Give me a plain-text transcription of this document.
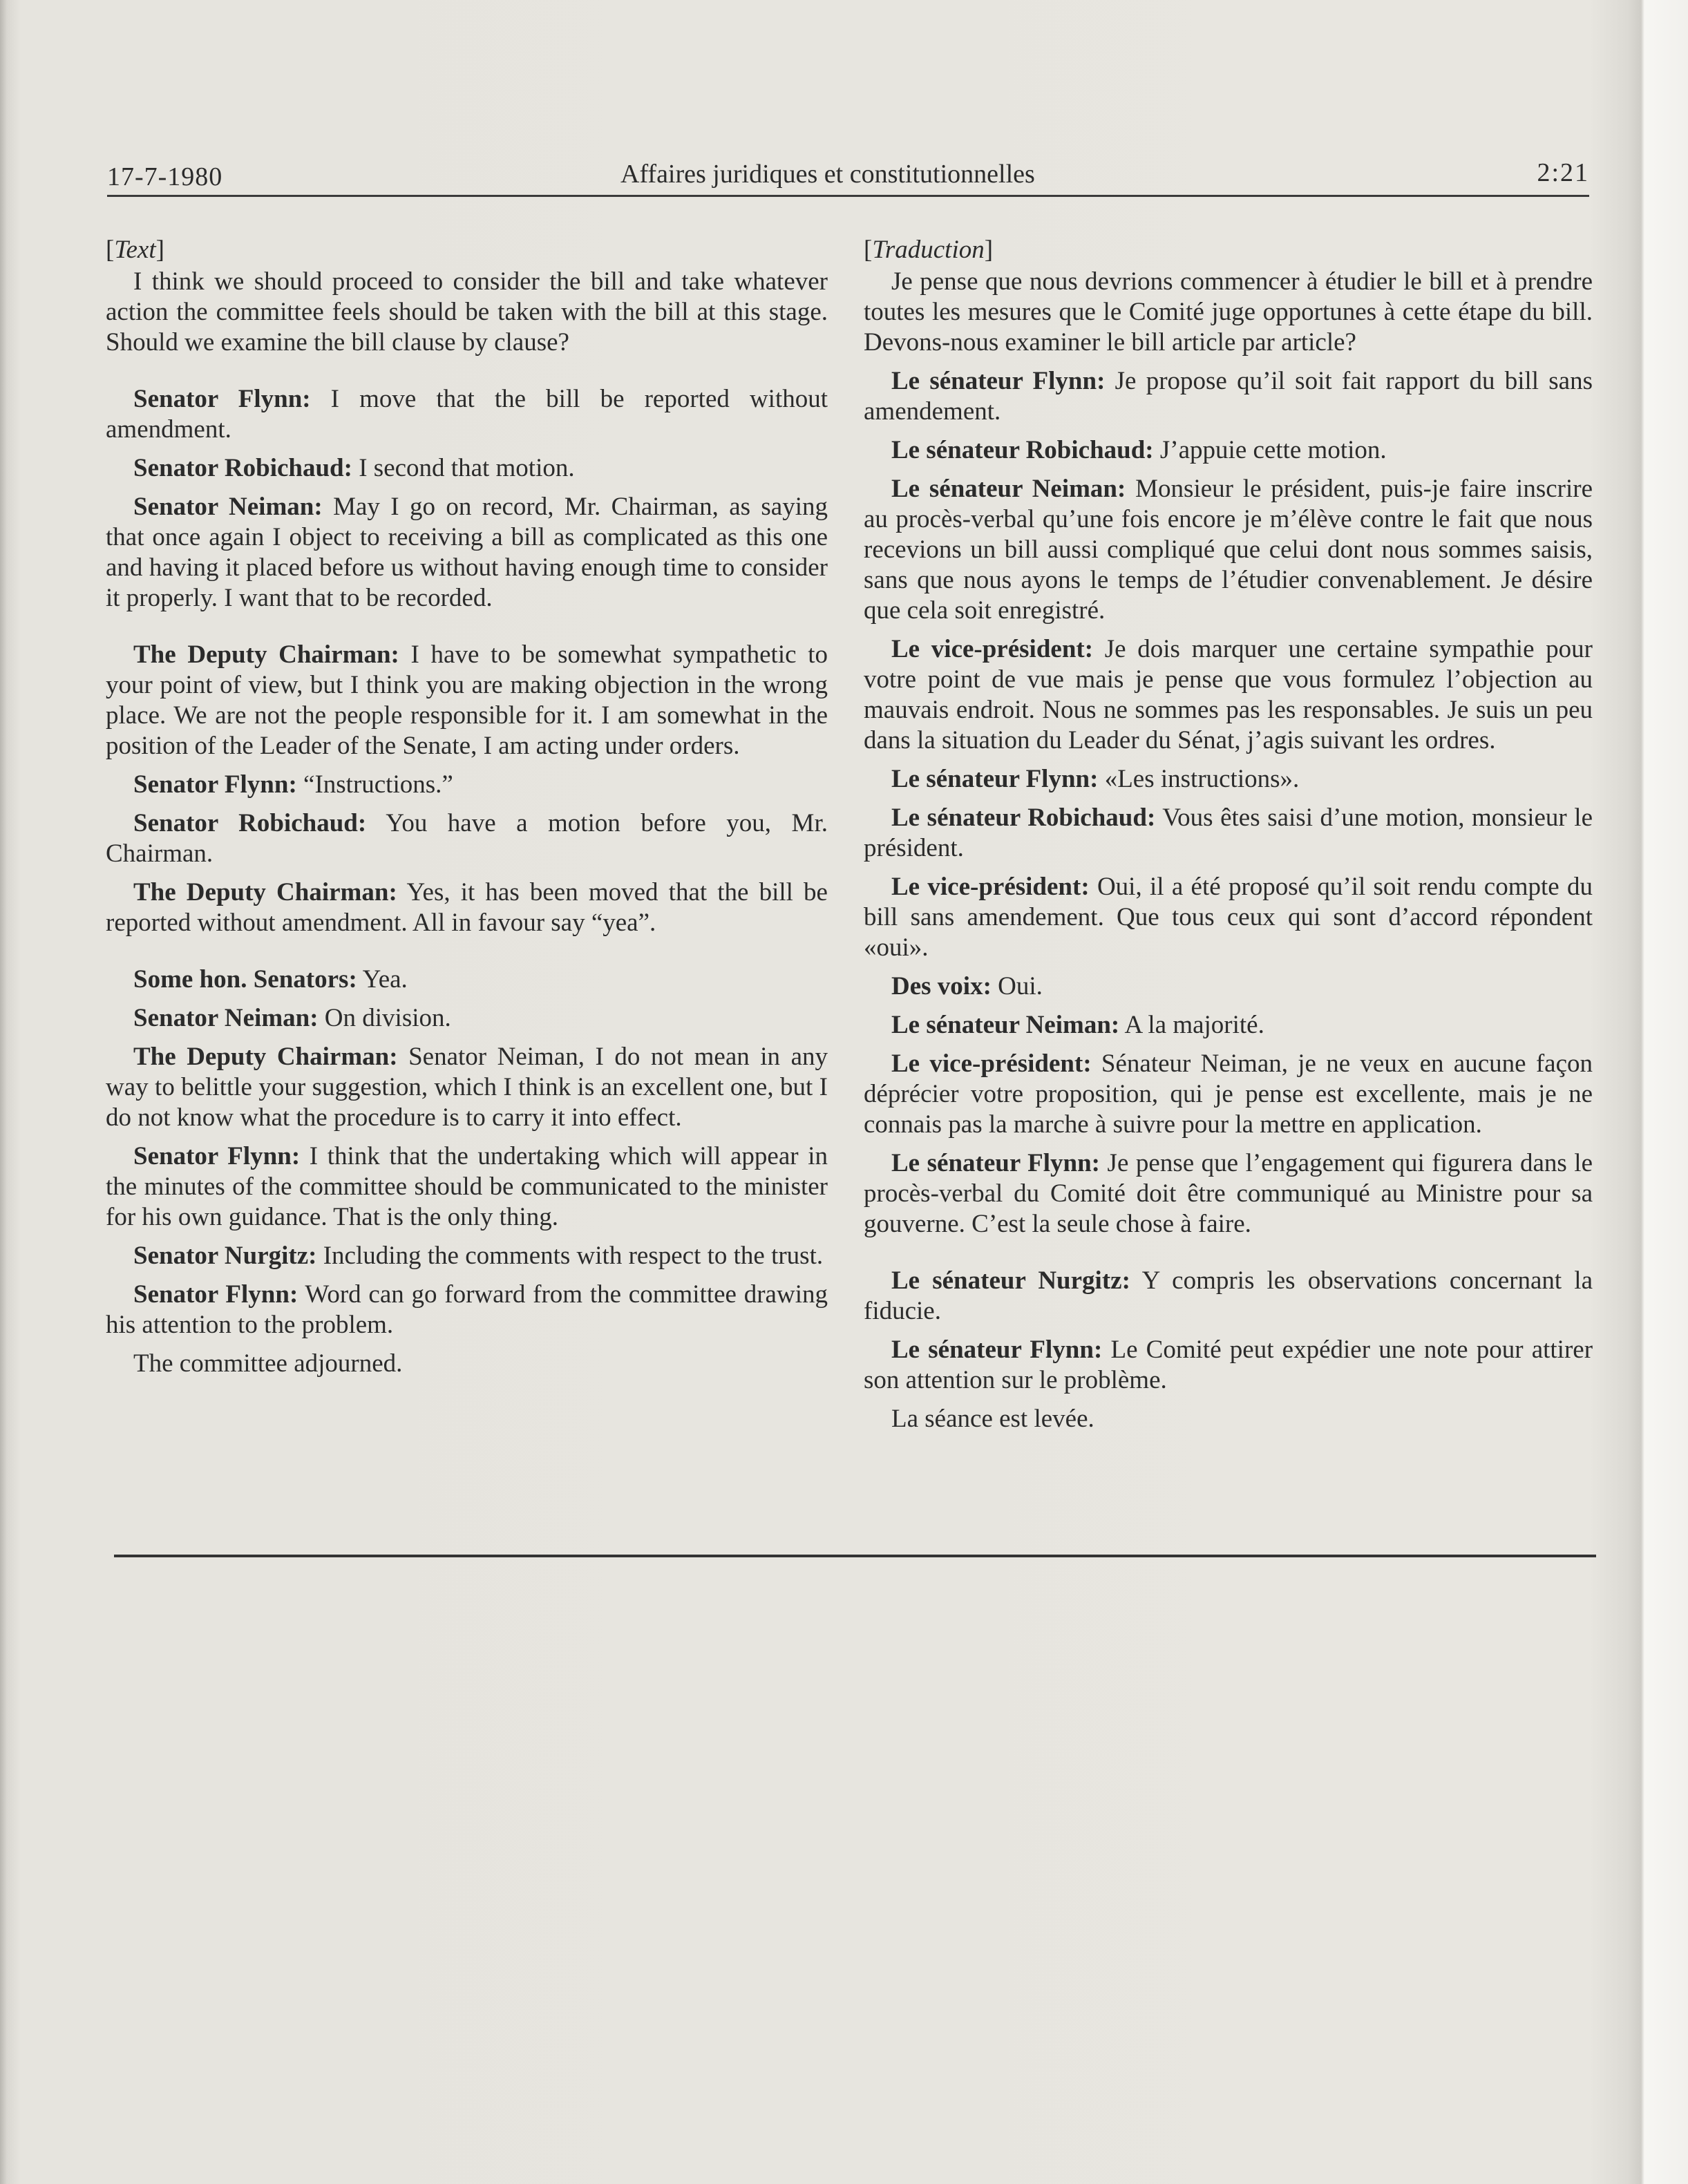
17-7-1980	Affaires juridiques et constitutionnelles	2:21
[Text]

I think we should proceed to consider the bill and take whatever action the committee feels should be taken with the bill at this stage. Should we examine the bill clause by clause?

Senator Flynn: I move that the bill be reported without amendment.

Senator Robichaud: I second that motion.

Senator Neiman: May I go on record, Mr. Chairman, as saying that once again I object to receiving a bill as complicated as this one and having it placed before us without having enough time to consider it properly. I want that to be recorded.

The Deputy Chairman: I have to be somewhat sympathetic to your point of view, but I think you are making objection in the wrong place. We are not the people responsible for it. I am somewhat in the position of the Leader of the Senate, I am acting under orders.

Senator Flynn: “Instructions.”

Senator Robichaud: You have a motion before you, Mr. Chairman.

The Deputy Chairman: Yes, it has been moved that the bill be reported without amendment. All in favour say “yea”.

Some hon. Senators: Yea.

Senator Neiman: On division.

The Deputy Chairman: Senator Neiman, I do not mean in any way to belittle your suggestion, which I think is an excellent one, but I do not know what the procedure is to carry it into effect.

Senator Flynn: I think that the undertaking which will appear in the minutes of the committee should be communicated to the minister for his own guidance. That is the only thing.

Senator Nurgitz: Including the comments with respect to the trust.

Senator Flynn: Word can go forward from the committee drawing his attention to the problem.

The committee adjourned.

[Traduction]

Je pense que nous devrions commencer à étudier le bill et à prendre toutes les mesures que le Comité juge opportunes à cette étape du bill. Devons-nous examiner le bill article par article?

Le sénateur Flynn: Je propose qu’il soit fait rapport du bill sans amendement.

Le sénateur Robichaud: J’appuie cette motion.

Le sénateur Neiman: Monsieur le président, puis-je faire inscrire au procès-verbal qu’une fois encore je m’élève contre le fait que nous recevions un bill aussi compliqué que celui dont nous sommes saisis, sans que nous ayons le temps de l’étudier convenablement. Je désire que cela soit enregistré.

Le vice-président: Je dois marquer une certaine sympathie pour votre point de vue mais je pense que vous formulez l’objection au mauvais endroit. Nous ne sommes pas les responsables. Je suis un peu dans la situation du Leader du Sénat, j’agis suivant les ordres.

Le sénateur Flynn: «Les instructions».

Le sénateur Robichaud: Vous êtes saisi d’une motion, monsieur le président.

Le vice-président: Oui, il a été proposé qu’il soit rendu compte du bill sans amendement. Que tous ceux qui sont d’accord répondent «oui».

Des voix: Oui.

Le sénateur Neiman: A la majorité.

Le vice-président: Sénateur Neiman, je ne veux en aucune façon déprécier votre proposition, qui je pense est excellente, mais je ne connais pas la marche à suivre pour la mettre en application.

Le sénateur Flynn: Je pense que l’engagement qui figurera dans le procès-verbal du Comité doit être communiqué au Ministre pour sa gouverne. C’est la seule chose à faire.

Le sénateur Nurgitz: Y compris les observations concernant la fiducie.

Le sénateur Flynn: Le Comité peut expédier une note pour attirer son attention sur le problème.

La séance est levée.
